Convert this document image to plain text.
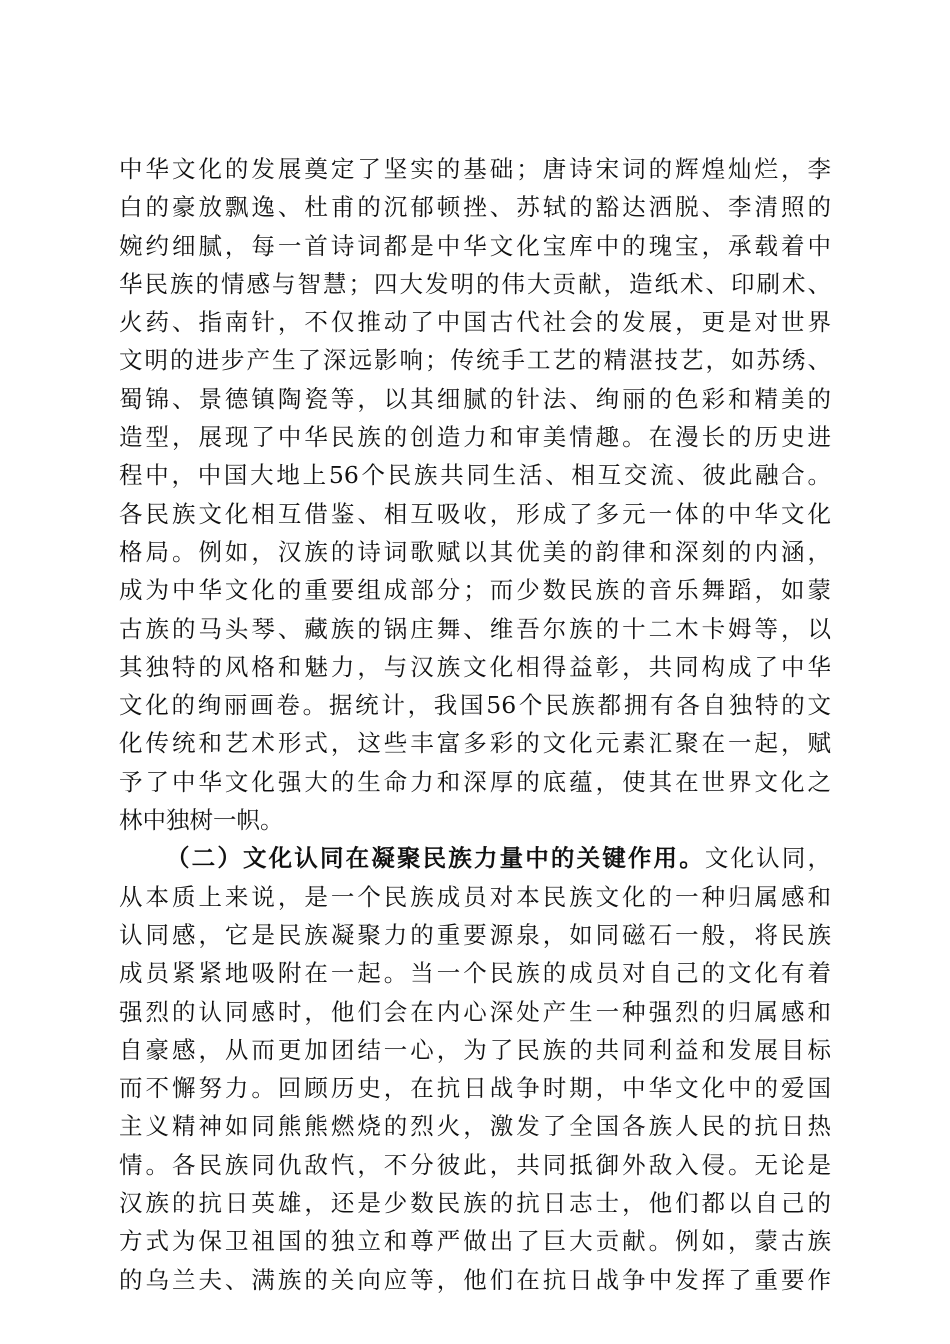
中华文化的发展奠定了坚实的基础；唐诗宋词的辉煌灿烂，李
白的豪放飘逸、杜甫的沉郁顿挫、苏轼的豁达洒脱、李清照的
婉约细腻，每一首诗词都是中华文化宝库中的瑰宝，承载着中
华民族的情感与智慧；四大发明的伟大贡献，造纸术、印刷术、
火药、指南针，不仅推动了中国古代社会的发展，更是对世界
文明的进步产生了深远影响；传统手工艺的精湛技艺，如苏绣、
蜀锦、景德镇陶瓷等，以其细腻的针法、绚丽的色彩和精美的
造型，展现了中华民族的创造力和审美情趣。在漫长的历史进
程中，中国大地上56个民族共同生活、相互交流、彼此融合。
各民族文化相互借鉴、相互吸收，形成了多元一体的中华文化
格局。例如，汉族的诗词歌赋以其优美的韵律和深刻的内涵，
成为中华文化的重要组成部分；而少数民族的音乐舞蹈，如蒙
古族的马头琴、藏族的锅庄舞、维吾尔族的十二木卡姆等，以
其独特的风格和魅力，与汉族文化相得益彰，共同构成了中华
文化的绚丽画卷。据统计，我国56个民族都拥有各自独特的文
化传统和艺术形式，这些丰富多彩的文化元素汇聚在一起，赋
予了中华文化强大的生命力和深厚的底蕴，使其在世界文化之
林中独树一帜。
（二）文化认同在凝聚民族力量中的关键作用。文化认同，
从本质上来说，是一个民族成员对本民族文化的一种归属感和
认同感，它是民族凝聚力的重要源泉，如同磁石一般，将民族
成员紧紧地吸附在一起。当一个民族的成员对自己的文化有着
强烈的认同感时，他们会在内心深处产生一种强烈的归属感和
自豪感，从而更加团结一心，为了民族的共同利益和发展目标
而不懈努力。回顾历史，在抗日战争时期，中华文化中的爱国
主义精神如同熊熊燃烧的烈火，激发了全国各族人民的抗日热
情。各民族同仇敌忾，不分彼此，共同抵御外敌入侵。无论是
汉族的抗日英雄，还是少数民族的抗日志士，他们都以自己的
方式为保卫祖国的独立和尊严做出了巨大贡献。例如，蒙古族
的乌兰夫、满族的关向应等，他们在抗日战争中发挥了重要作
